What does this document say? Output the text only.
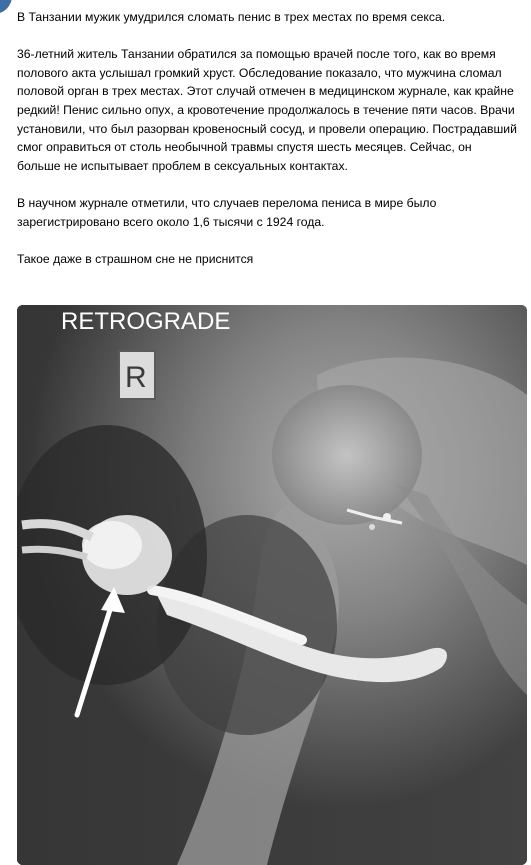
В Танзании мужик умудрился сломать пенис в трех местах по время секса.

36-летний житель Танзании обратился за помощью врачей после того, как во время полового акта услышал громкий хруст. Обследование показало, что мужчина сломал половой орган в трех местах. Этот случай отмечен в медицинском журнале, как крайне редкий! Пенис сильно опух, а кровотечение продолжалось в течение пяти часов. Врачи установили, что был разорван кровеносный сосуд, и провели операцию. Пострадавший смог оправиться от столь необычной травмы спустя шесть месяцев. Сейчас, он больше не испытывает проблем в сексуальных контактах.

В научном журнале отметили, что случаев перелома пениса в мире было зарегистрировано всего около 1,6 тысячи с 1924 года.

Такое даже в страшном сне не приснится

RETROGRADE
R
